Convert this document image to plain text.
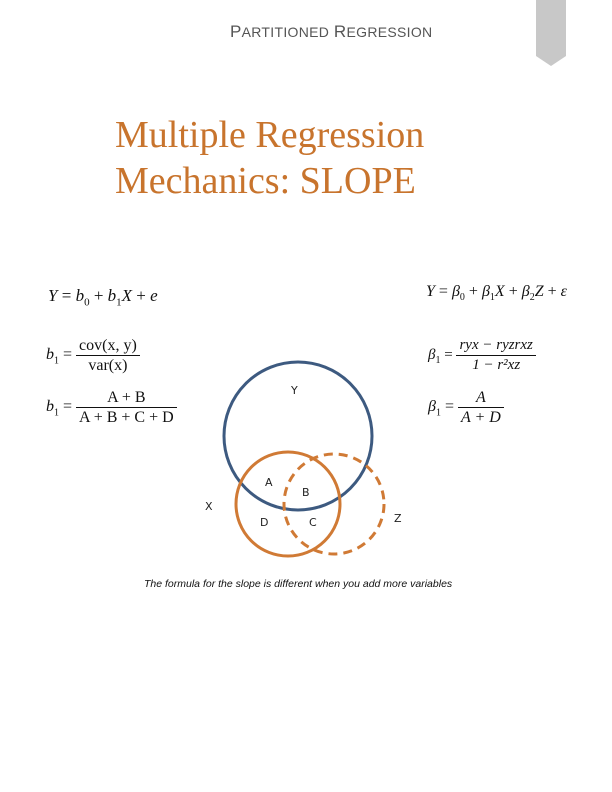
PARTITIONED REGRESSION
Multiple Regression
Mechanics: SLOPE
$Y = b_0 + b_1X + e$
$b_1 = \frac{\text{cov(x, y)}}{\text{var(x)}}$
$b_1 = \frac{A + B}{A + B + C + D}$
$Y = \beta_0 + \beta_1X + \beta_2Z + \varepsilon$
$\beta_1 = \frac{\text{ryx − ryzrxz}}{\text{1 − r²xz}}$
$\beta_1 = \frac{A}{A + D}$
Y
A
B
D	C
X
Z
The formula for the slope is different when you add more variables
